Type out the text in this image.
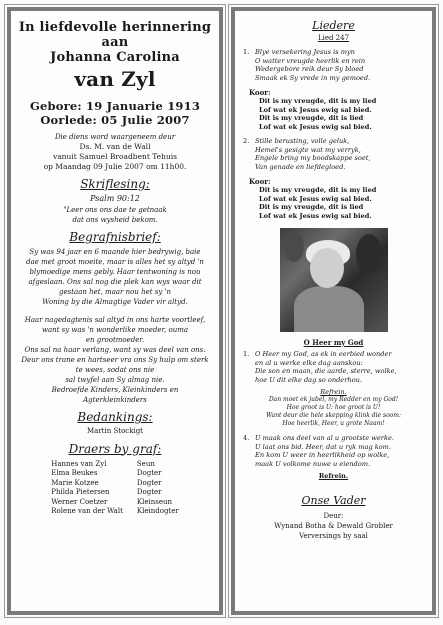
In liefdevolle herinnering aan
Johanna Carolina
van Zyl
Gebore: 19 Januarie 1913
Oorlede: 05 Julie 2007
Die diens word waargeneem deur
Ds. M. van de Wall
vanuit Samuel Broadbent Tehuis
op Maandag 09 Julie 2007 om 11h00.
Skriflesing:
Psalm 90:12
"Leer ons ons dae te getnaak
dat ons wysheid bekom.
Begrafnisbrief:
Sy was 94 jaar en 6 maande hier bedrywig, baie
dae met groot moeite, maar is alles het sy altyd 'n
blymoedige mens gebly. Haar tentwoning is nou
afgeslaan. Ons sal nog die plek kan wys waar dit
gestaan het, maar nou het sy 'n
Woning by die Almagtige Vader vir altyd.
Haar nagedagtenis sal altyd in ons harte voortleef,
want sy was 'n wonderlike moeder, ouma
en grootmoeder.
Ons sal na haar verlang, want sy was deel van ons.
Deur ons trane en hartseer vra ons Sy hulp om sterk
te wees, sodat ons nie
sal twyfel aan Sy almag nie.
Bedroefde Kinders, Kleinkinders en
Agterkleinkinders
Bedankings:
Martin Stockigt
Draers by graf:
Hannes van Zyl
Elma Beukes
Marie Kotzee
Philda Pietersen
Werner Coetzer
Rolene van der Walt
Seun
Dogter
Dogter
Dogter
Kleinseun
Kleindogter
Liedere
Lied 247
1. Blye versekering Jesus is myn
O watter vreugde heerlik en rein
Wedergebore reik deur Sy bloed
Smaak ek Sy vrede in my gemoed.
Koor:
Dit is my vreugde, dit is my lied
Lof wat ek Jesus ewig sal bied.
Dit is my vreugde, dit is lied
Lof wat ek Jesus ewig sal bied.
2. Stille berusting, volle geluk,
Hemel's gesigte wat my verryk,
Engele bring my boodskappe soet,
Van genade en liefdegloed.
Koor:
Dit is my vreugde, dit is my lied
Lof wat ek Jesus ewig sal bied.
Dit is my vreugde, dit is lied
Lof wat ek Jesus ewig sal bied.
O Heer my God
1. O Heer my God, as ek in eerbied wonder
en al u werke elke dag aanskou:
Die son en maan, die aarde, sterre, wolke,
hoe U dit elke dag so onderhou.
Refrein.
Dan moet ek jubel, my Redder en my God!
Hoe groot is U: hoe groot is U!
Want deur die hele skepping klink die soom:
Hoe heerlik, Heer, u grote Naam!
4. U maak ons deel van al u grootste werke.
U laat ons bid. Heer, dat u ryk mag kom.
En kom U weer in heerlikheid op wolke,
maak U volkome nuwe u eiendom.
Refrein.
Onse Vader
Deur:
Wynand Botha & Dewald Grobler
Verversings by saal
